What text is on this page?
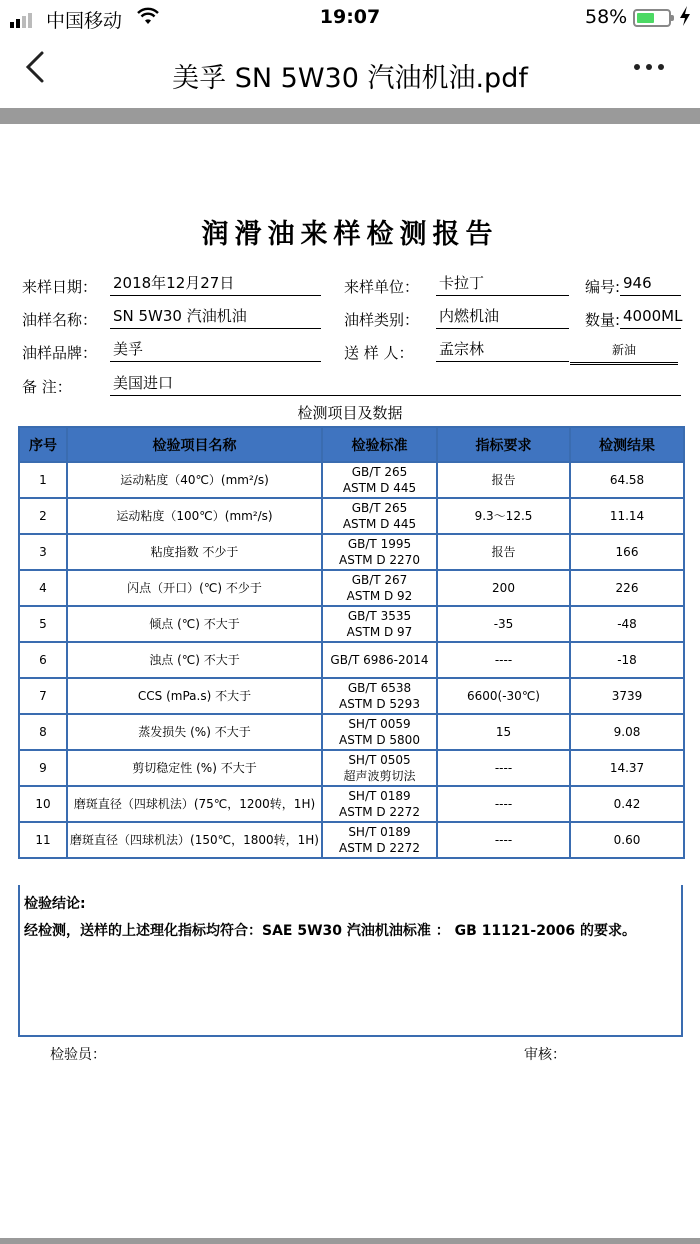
中国移动	19:07	58%
美孚 SN 5W30 汽油机油.pdf
润滑油来样检测报告
来样日期： 2018年12月27日	来样单位： 卡拉丁	编号: 946
油样名称： SN 5W30 汽油机油	油样类别： 内燃机油	数量: 4000ML
油样品牌： 美孚	送 样 人： 孟宗林	新油
备 注：	美国进口
检测项目及数据
序号	检验项目名称	检验标准	指标要求	检测结果

1	运动粘度（40℃）(mm²/s)	GB/T 265
ASTM D 445	报告	64.58

2	运动粘度（100℃）(mm²/s)	GB/T 265
ASTM D 445	9.3～12.5	11.14

3	粘度指数 不少于	GB/T 1995
ASTM D 2270	报告	166

4	闪点（开口）(℃) 不少于	GB/T 267
ASTM D 92	200	226

5	倾点 (℃) 不大于	GB/T 3535
ASTM D 97	-35	-48

6	浊点 (℃) 不大于	GB/T 6986-2014	----	-18

7	CCS (mPa.s) 不大于	GB/T 6538
ASTM D 5293	6600(-30℃)	3739

8	蒸发损失 (%) 不大于	SH/T 0059
ASTM D 5800	15	9.08

9	剪切稳定性 (%) 不大于	SH/T 0505
超声波剪切法	----	14.37

10	磨斑直径（四球机法）(75℃，1200转，1H)	SH/T 0189
ASTM D 2272	----	0.42

11	磨斑直径（四球机法）(150℃，1800转，1H)	SH/T 0189
ASTM D 2272	----	0.60
检验结论:
经检测，送样的上述理化指标均符合：SAE 5W30 汽油机油标准 ： GB 11121-2006 的要求。
检验员：	审核：
